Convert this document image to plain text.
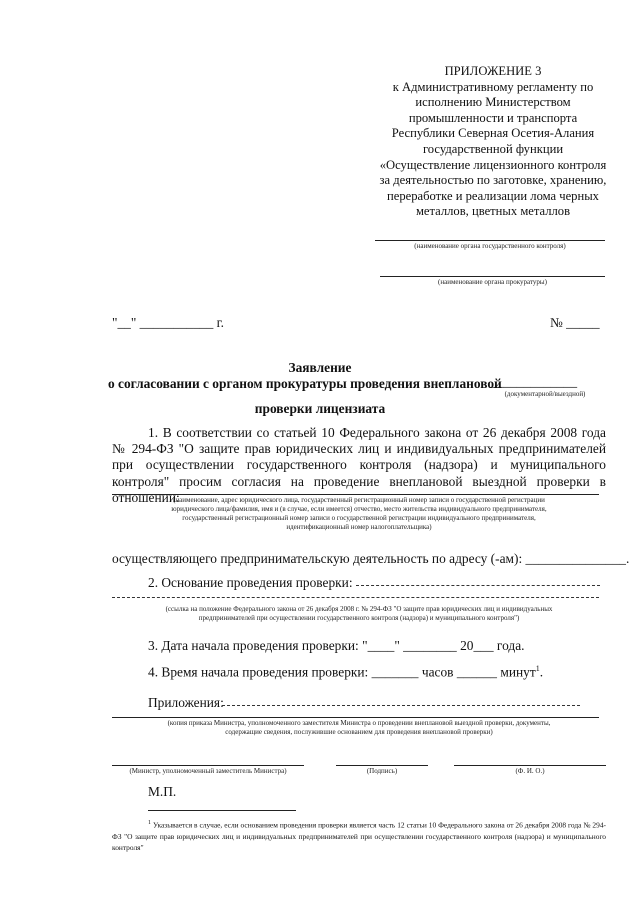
ПРИЛОЖЕНИЕ 3
к Административному регламенту по
исполнению Министерством
промышленности и транспорта
Республики Северная Осетия-Алания
государственной функции
«Осуществление лицензионного контроля
за деятельностью по заготовке, хранению,
переработке и реализации лома черных
металлов, цветных металлов
(наименование органа государственного контроля)
(наименование органа прокуратуры)
"__" ___________ г.	№ _____
Заявление
о согласовании с органом прокуратуры проведения внеплановой
_____________
(документарной/выездной)
проверки лицензиата
1. В соответствии со статьей 10 Федерального закона от 26 декабря 2008 года № 294-ФЗ "О защите прав юридических лиц и индивидуальных предпринимателей при осуществлении государственного контроля (надзора) и муниципального контроля" просим согласия на проведение внеплановой выездной проверки в отношении:
(наименование, адрес юридического лица, государственный регистрационный номер записи о государственной регистрации
юридического лица/фамилия, имя и (в случае, если имеется) отчество, место жительства индивидуального предпринимателя,
государственный регистрационный номер записи о государственной регистрации индивидуального предпринимателя,
идентификационный номер налогоплательщика)
осуществляющего предпринимательскую деятельность по адресу (-ам): _______________.
2. Основание проведения проверки:
(ссылка на положение Федерального закона от 26 декабря 2008 г. № 294-ФЗ "О защите прав юридических лиц и индивидуальных
предпринимателей при осуществлении государственного контроля (надзора) и муниципального контроля")
3. Дата начала проведения проверки: "____" ________ 20___ года.
4. Время начала проведения проверки: _______ часов ______ минут$^1$.
Приложения:
(копия приказа Министра, уполномоченного заместителя Министра о проведении внеплановой выездной проверки, документы,
содержащие сведения, послужившие основанием для проведения внеплановой проверки)
(Министр, уполномоченный заместитель Министра)	(Подпись)	(Ф. И. О.)
М.П.
$^1$ Указывается в случае, если основанием проведения проверки является часть 12 статьи 10 Федерального закона от 26 декабря 2008 года № 294-ФЗ "О защите прав юридических лиц и индивидуальных предпринимателей при осуществлении государственного контроля (надзора) и муниципального контроля"
